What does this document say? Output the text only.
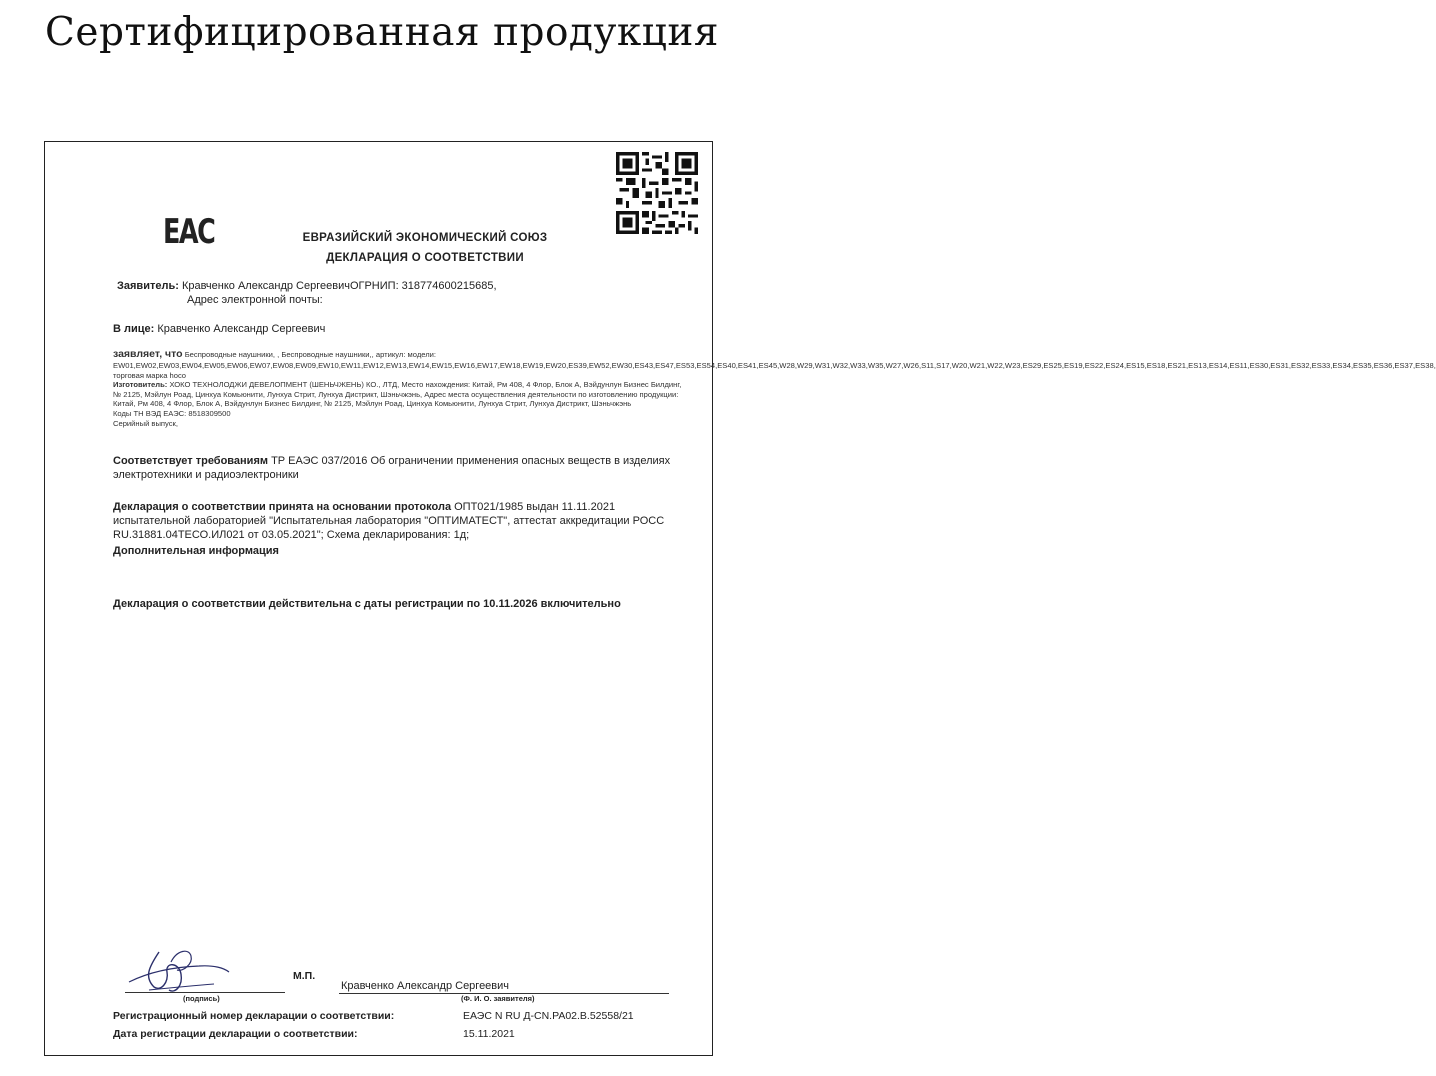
Сертифицированная продукция
ЕАС	ЕВРАЗИЙСКИЙ ЭКОНОМИЧЕСКИЙ СОЮЗ
ДЕКЛАРАЦИЯ О СООТВЕТСТВИИ
Заявитель: Кравченко Александр СергеевичОГРНИП: 318774600215685,
Адрес электронной почты:
В лице: Кравченко Александр Сергеевич
заявляет, что Беспроводные наушники, , Беспроводные наушники,, артикул: модели: EW01,EW02,EW03,EW04,EW05,EW06,EW07,EW08,EW09,EW10,EW11,EW12,EW13,EW14,EW15,EW16,EW17,EW18,EW19,EW20,ES39,EW52,EW30,ES43,ES47,ES53,ES54,ES40,ES41,ES45,W28,W29,W31,W32,W33,W35,W27,W26,S11,S17,W20,W21,W22,W23,ES29,ES25,ES19,ES22,ES24,ES15,ES18,ES21,ES13,ES14,ES11,ES30,ES31,ES32,ES33,ES34,ES35,ES36,ES37,ES38, торговая марка hoco
Изготовитель: ХОКО ТЕХНОЛОДЖИ ДЕВЕЛОПМЕНТ (ШЕНЬЧЖЕНЬ) КО., ЛТД, Место нахождения: Китай, Рм 408, 4 Флор, Блок А, Вэйдунлун Бизнес Билдинг, № 2125, Мэйлун Роад, Цинхуа Комьюнити, Лунхуа Стрит, Лунхуа Дистрикт, Шэньчжэнь, Адрес места осуществления деятельности по изготовлению продукции: Китай, Рм 408, 4 Флор, Блок А, Вэйдунлун Бизнес Билдинг, № 2125, Мэйлун Роад, Цинхуа Комьюнити, Лунхуа Стрит, Лунхуа Дистрикт, Шэньчжэнь
Коды ТН ВЭД ЕАЭС: 8518309500
Серийный выпуск,
Соответствует требованиям ТР ЕАЭС 037/2016 Об ограничении применения опасных веществ в изделиях электротехники и радиоэлектроники
Декларация о соответствии принята на основании протокола ОПТ021/1985 выдан 11.11.2021 испытательной лабораторией "Испытательная лаборатория "ОПТИМАТЕСТ", аттестат аккредитации РОСС RU.31881.04ТЕСО.ИЛ021 от 03.05.2021"; Схема декларирования: 1д;
Дополнительная информация
Декларация о соответствии действительна с даты регистрации по 10.11.2026 включительно
М.П.
Кравченко Александр Сергеевич
(подпись)	(Ф. И. О. заявителя)
Регистрационный номер декларации о соответствии:	ЕАЭС N RU Д-CN.PA02.B.52558/21
Дата регистрации декларации о соответствии:	15.11.2021
